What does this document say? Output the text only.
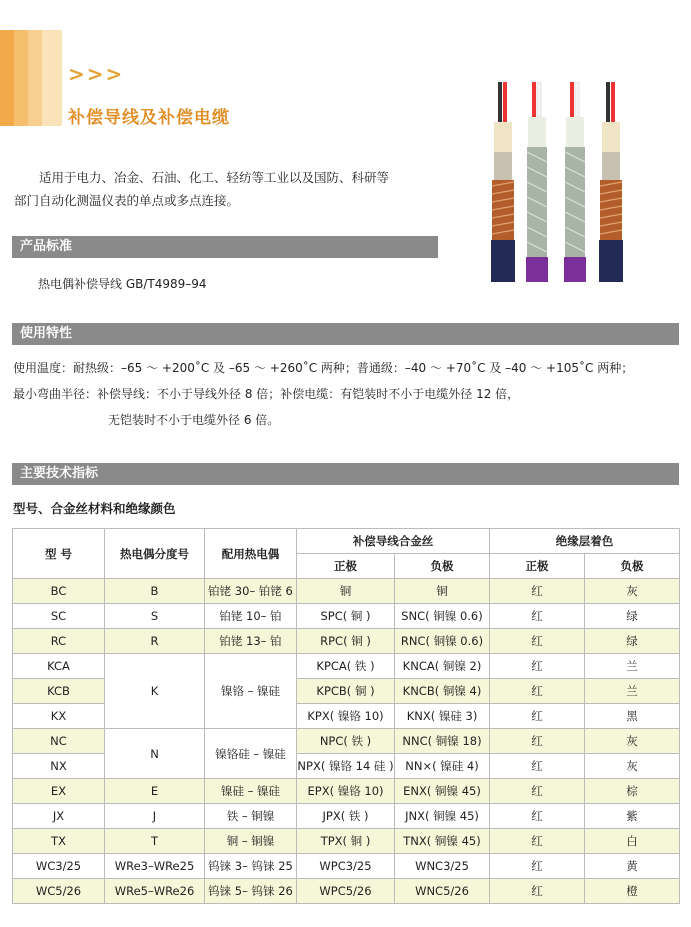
>>>
补偿导线及补偿电缆

适用于电力、冶金、石油、化工、轻纺等工业以及国防、科研等

部门自动化测温仪表的单点或多点连接。

产品标准
热电偶补偿导线 GB/T4989–94
使用特性
使用温度：耐热级：–65 ～ +200˚C 及 –65 ～ +260˚C 两种；普通级：–40 ～ +70˚C 及 –40 ～ +105˚C 两种；
最小弯曲半径：补偿导线：不小于导线外径 8 倍；补偿电缆：有铠装时不小于电缆外径 12 倍，
无铠装时不小于电缆外径 6 倍。
主要技术指标
型号、合金丝材料和绝缘颜色
型 号	热电偶分度号	配用热电偶	补偿导线合金丝		绝缘层着色	
			正极	负极	正极	负极
BC	B	铂铑 30– 铂铑 6	铜	铜	红	灰
SC	S	铂铑 10– 铂	SPC( 铜 )	SNC( 铜镍 0.6)	红	绿
RC	R	铂铑 13– 铂	RPC( 铜 )	RNC( 铜镍 0.6)	红	绿
KCA	K	镍铬 – 镍硅	KPCA( 铁 )	KNCA( 铜镍 2)	红	兰
KCB			KPCB( 铜 )	KNCB( 铜镍 4)	红	兰
KX			KPX( 镍铬 10)	KNX( 镍硅 3)	红	黑
NC	N	镍铬硅 – 镍硅	NPC( 铁 )	NNC( 铜镍 18)	红	灰
NX			NPX( 镍铬 14 硅 )	NN×( 镍硅 4)	红	灰
EX	E	镍硅 – 镍硅	EPX( 镍铬 10)	ENX( 铜镍 45)	红	棕
JX	J	铁 – 铜镍	JPX( 铁 )	JNX( 铜镍 45)	红	紫
TX	T	铜 – 铜镍	TPX( 铜 )	TNX( 铜镍 45)	红	白
WC3/25	WRe3–WRe25	钨铼 3– 钨铼 25	WPC3/25	WNC3/25	红	黄
WC5/26	WRe5–WRe26	钨铼 5– 钨铼 26	WPC5/26	WNC5/26	红	橙
